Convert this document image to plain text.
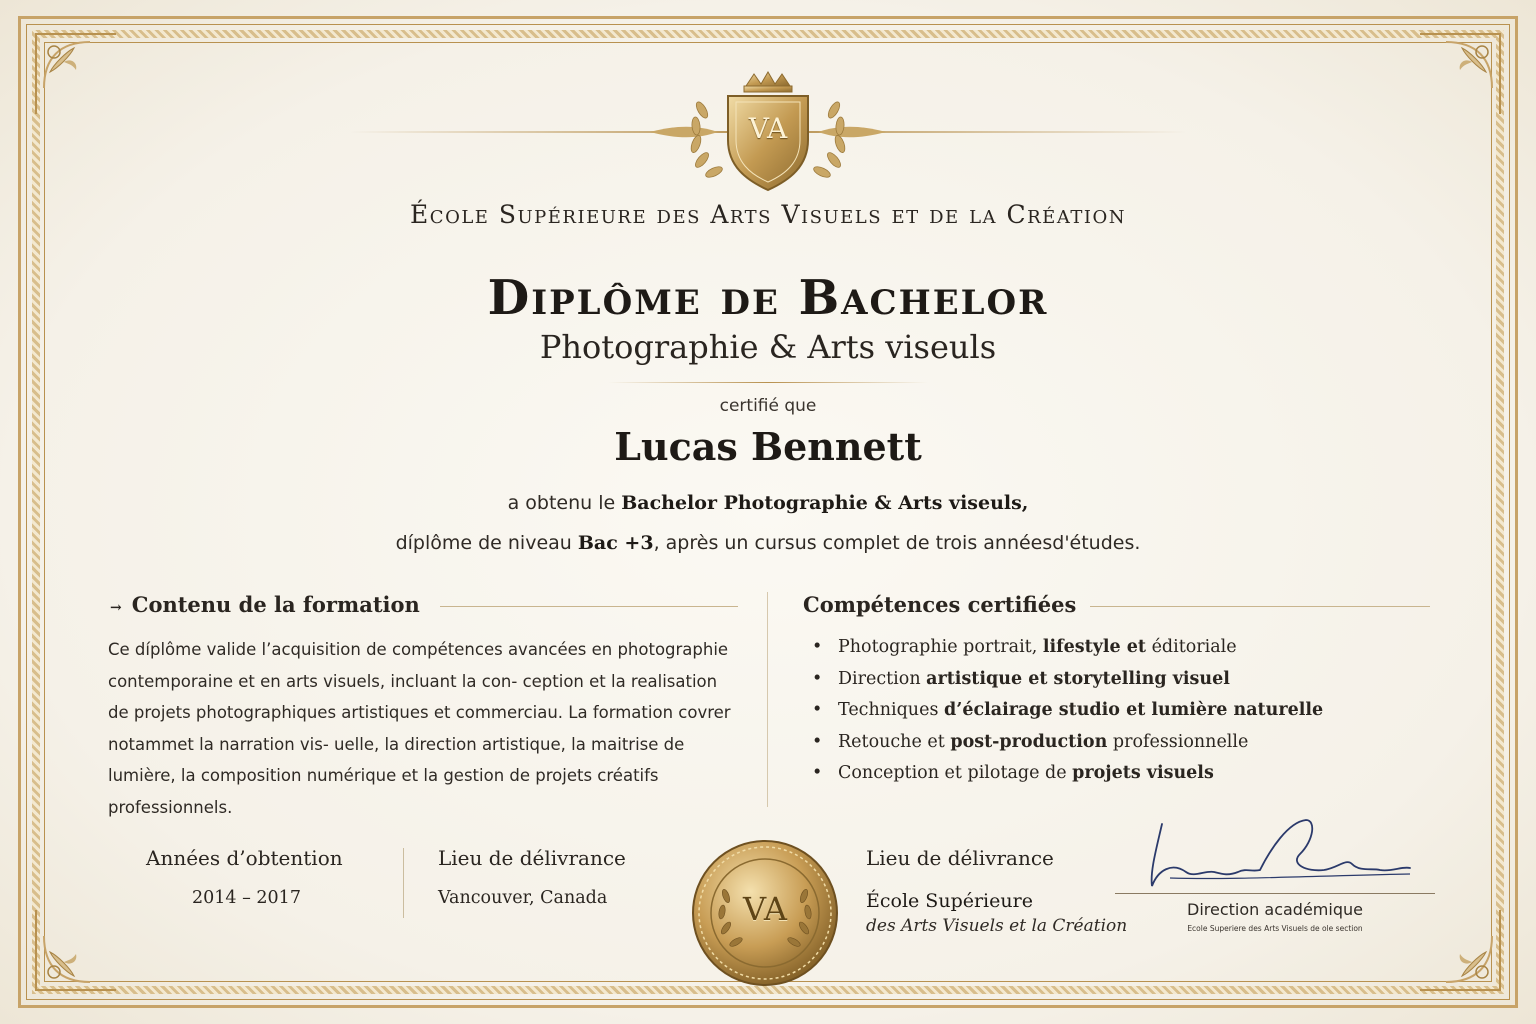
VA
École Supérieure des Arts Visuels et de la Création
Diplôme de Bachelor
Photographie & Arts viseuls
certifié que
Lucas Bennett
a obtenu le Bachelor Photographie & Arts viseuls,
díplôme de niveau Bac +3, après un cursus complet de trois annéesd'études.
→ Contenu de la formation

Ce díplôme valide l’acquisition de compétences avancées en photographie contemporaine et en arts visuels, incluant la con- ception et la realisation de projets photographiques artistiques et commerciau. La formation covrer notammet la narration vis- uelle, la direction artistique, la maitrise de lumière, la composition numérique et la gestion de projets créatifs professionnels.

Compétences certifiées
• Photographie portrait, lifestyle et éditoriale
• Direction artistique et storytelling visuel
• Techniques d’éclairage studio et lumière naturelle
• Retouche et post-production professionnelle
• Conception et pilotage de projets visuels
Années d’obtention
2014 – 2017
Lieu de délivrance
Vancouver, Canada	VA
Lieu de délivrance
École Supérieure
des Arts Visuels et la Création
Direction académique
Ecole Superiere des Arts Visuels de ole section
